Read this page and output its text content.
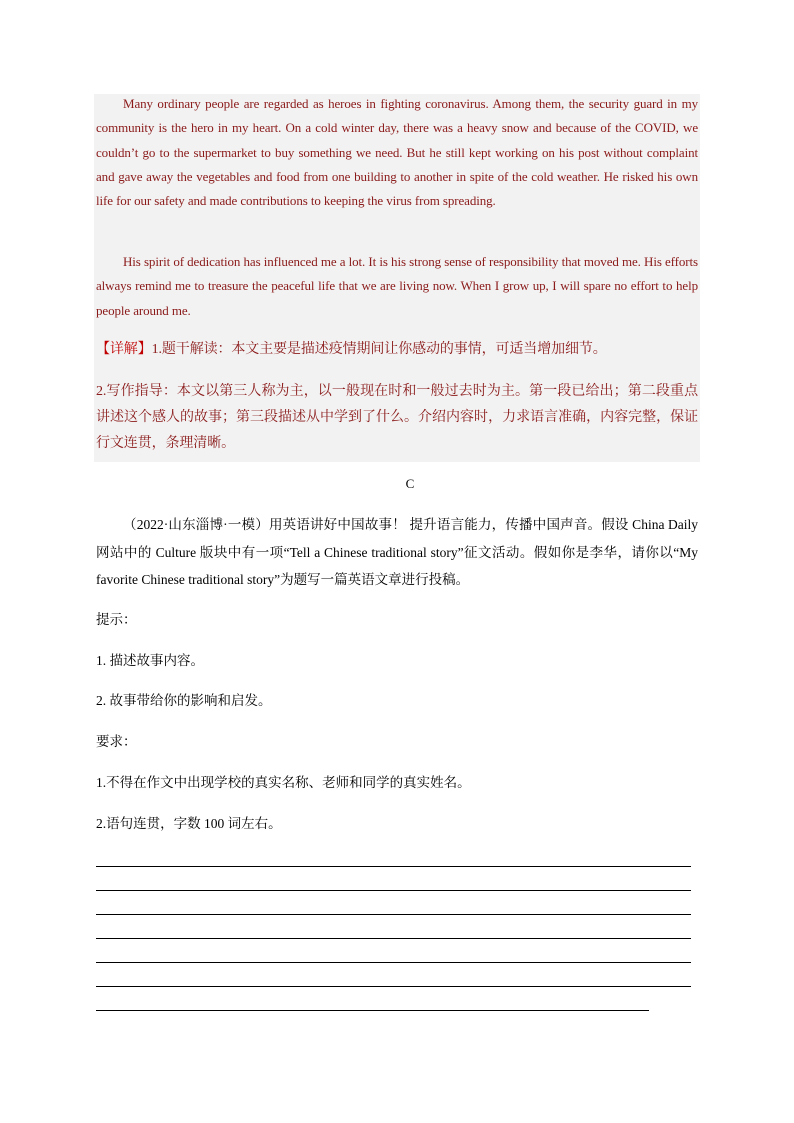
Many ordinary people are regarded as heroes in fighting coronavirus. Among them, the security guard in my community is the hero in my heart. On a cold winter day, there was a heavy snow and because of the COVID, we couldn’t go to the supermarket to buy something we need. But he still kept working on his post without complaint and gave away the vegetables and food from one building to another in spite of the cold weather. He risked his own life for our safety and made contributions to keeping the virus from spreading.
His spirit of dedication has influenced me a lot. It is his strong sense of responsibility that moved me. His efforts always remind me to treasure the peaceful life that we are living now. When I grow up, I will spare no effort to help people around me.
【详解】1.题干解读：本文主要是描述疫情期间让你感动的事情，可适当增加细节。
2.写作指导：本文以第三人称为主，以一般现在时和一般过去时为主。第一段已给出；第二段重点讲述这个感人的故事；第三段描述从中学到了什么。介绍内容时，力求语言准确，内容完整，保证行文连贯，条理清晰。
C
（2022·山东淄博·一模）用英语讲好中国故事！ 提升语言能力，传播中国声音。假设 China Daily 网站中的 Culture 版块中有一项“Tell a Chinese traditional story”征文活动。假如你是李华，请你以“My favorite Chinese traditional story”为题写一篇英语文章进行投稿。
提示：
1. 描述故事内容。
2. 故事带给你的影响和启发。
要求：
1.不得在作文中出现学校的真实名称、老师和同学的真实姓名。
2.语句连贯，字数 100 词左右。
